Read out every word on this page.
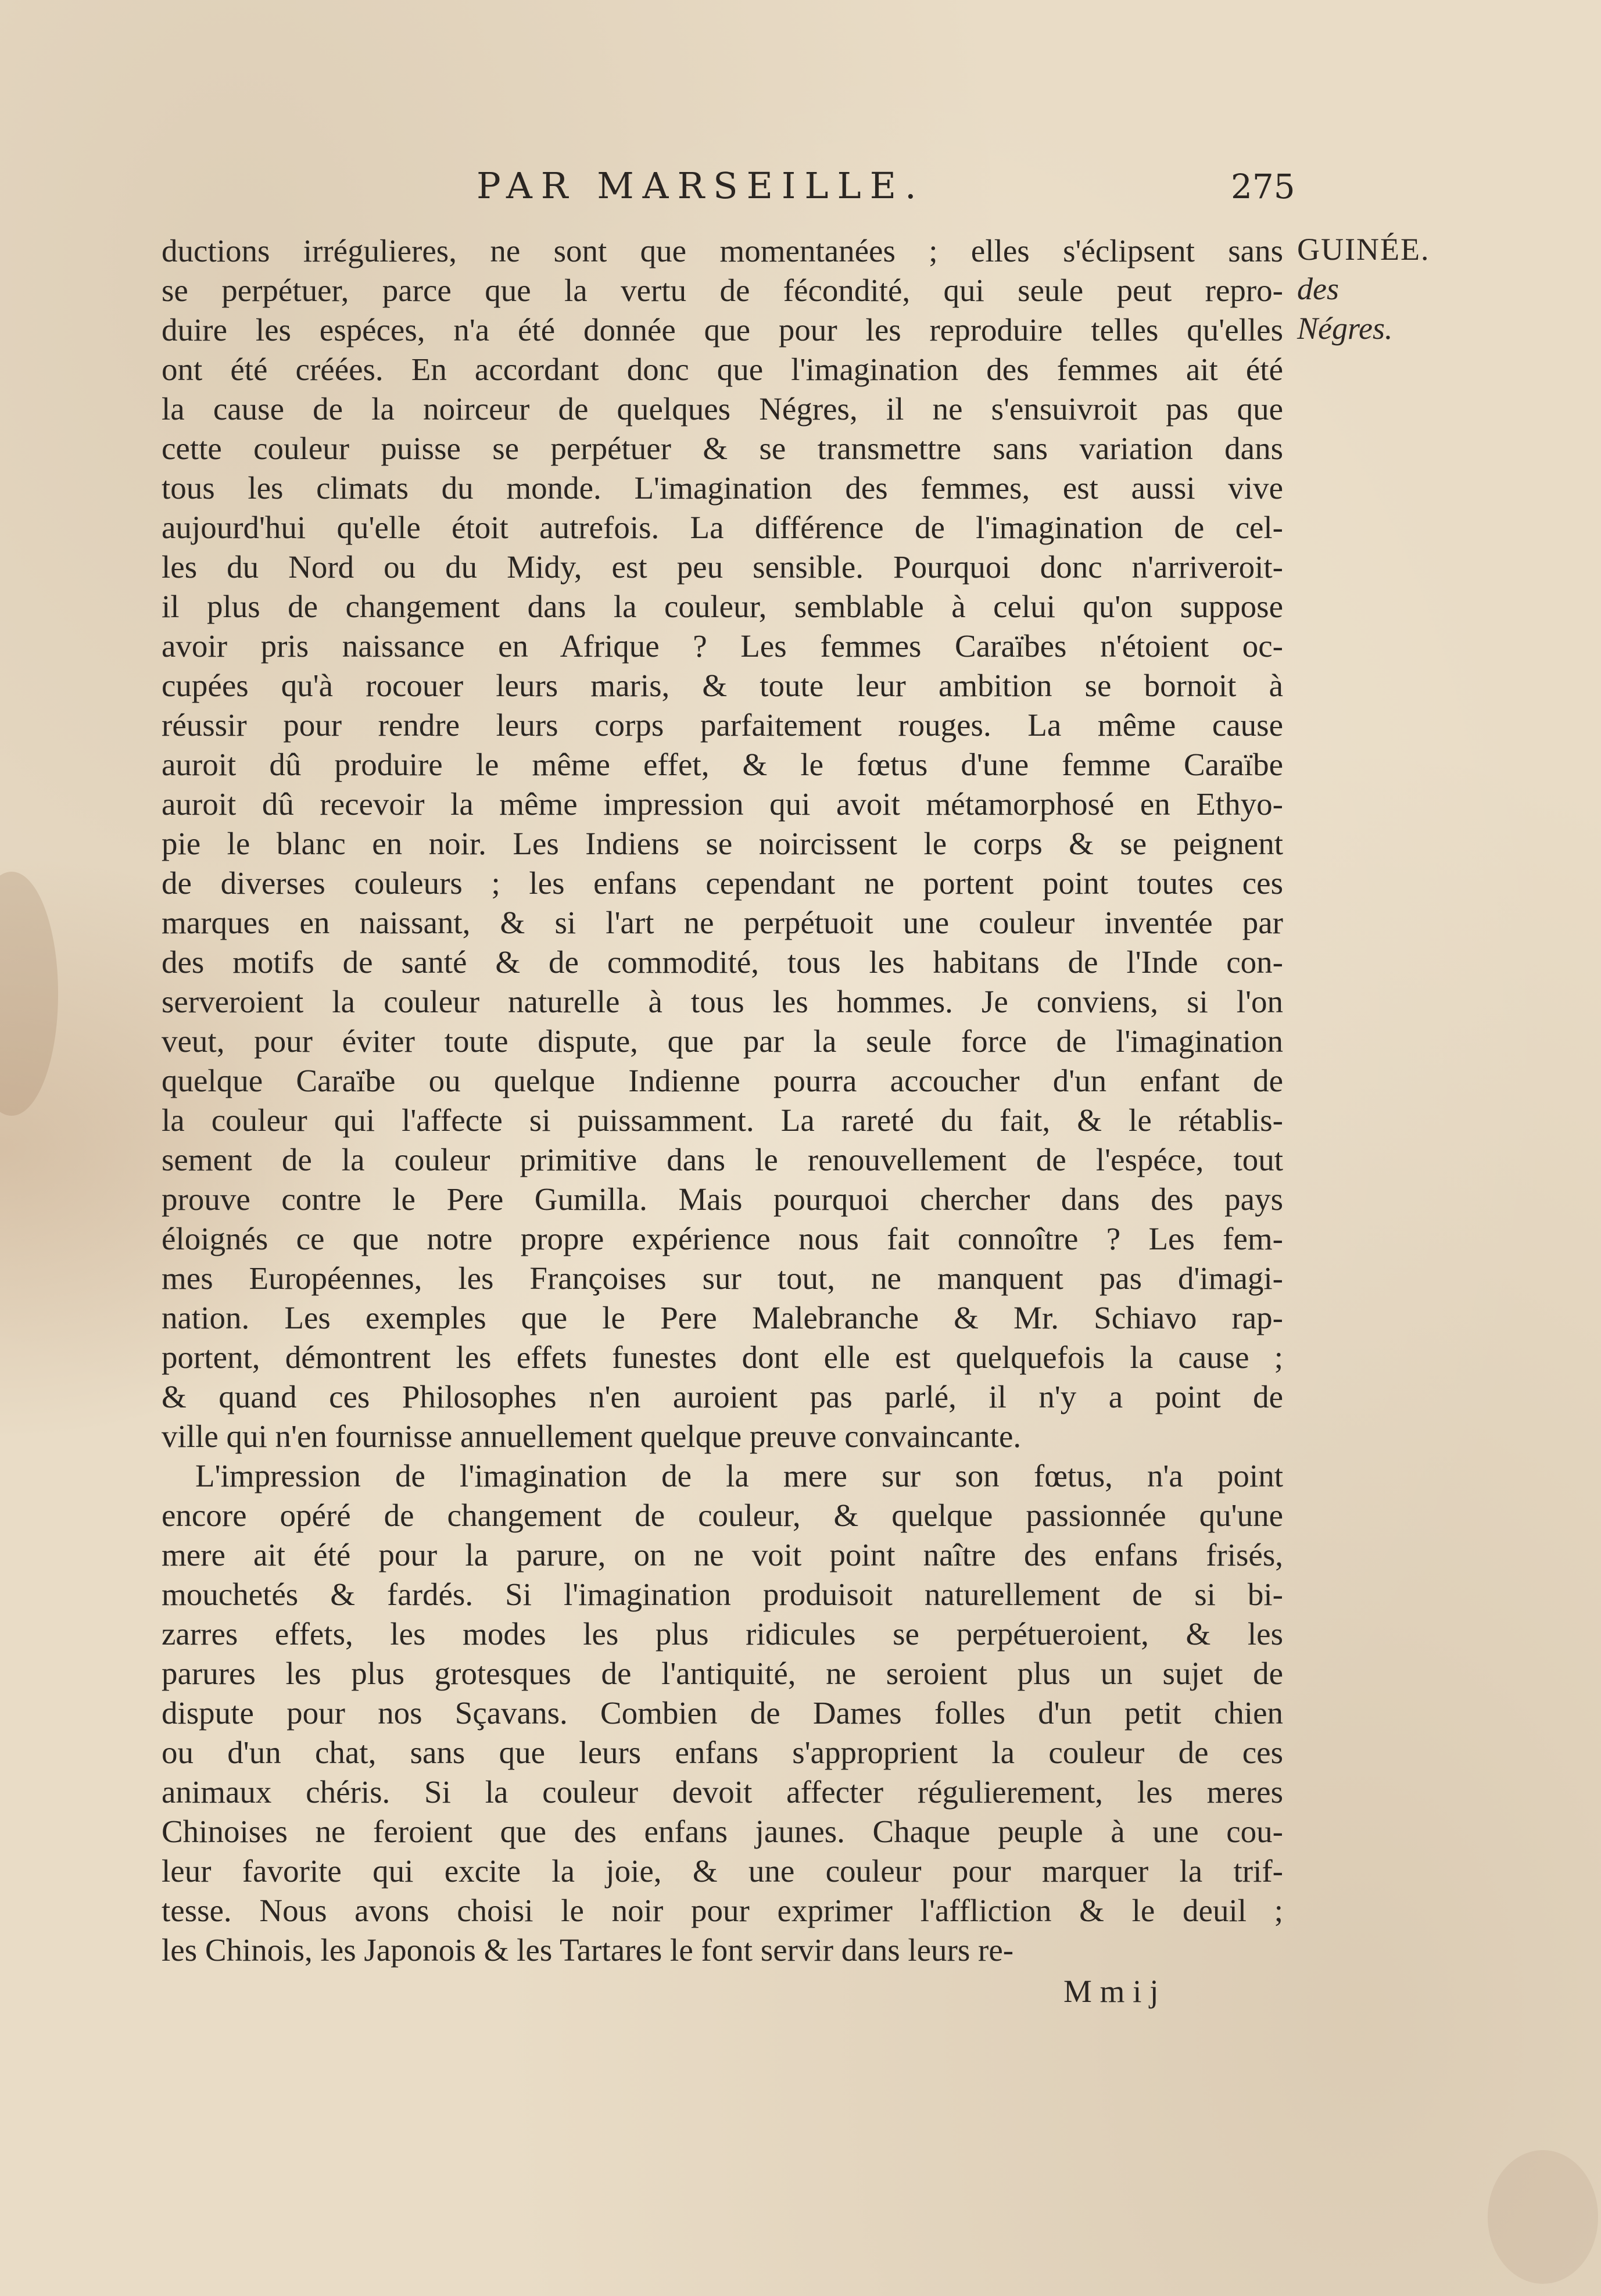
PAR MARSEILLE.	275
GUINÉE.
des Négres.
ductions irrégulieres, ne sont que momentanées ; elles s'éclipsent sans
se perpétuer, parce que la vertu de fécondité, qui seule peut repro-
duire les espéces, n'a été donnée que pour les reproduire telles qu'elles
ont été créées. En accordant donc que l'imagination des femmes ait été
la cause de la noirceur de quelques Négres, il ne s'ensuivroit pas que
cette couleur puisse se perpétuer & se transmettre sans variation dans
tous les climats du monde. L'imagination des femmes, est aussi vive
aujourd'hui qu'elle étoit autrefois. La différence de l'imagination de cel-
les du Nord ou du Midy, est peu sensible. Pourquoi donc n'arriveroit-
il plus de changement dans la couleur, semblable à celui qu'on suppose
avoir pris naissance en Afrique ? Les femmes Caraïbes n'étoient oc-
cupées qu'à rocouer leurs maris, & toute leur ambition se bornoit à
réussir pour rendre leurs corps parfaitement rouges. La même cause
auroit dû produire le même effet, & le fœtus d'une femme Caraïbe
auroit dû recevoir la même impression qui avoit métamorphosé en Ethyo-
pie le blanc en noir. Les Indiens se noircissent le corps & se peignent
de diverses couleurs ; les enfans cependant ne portent point toutes ces
marques en naissant, & si l'art ne perpétuoit une couleur inventée par
des motifs de santé & de commodité, tous les habitans de l'Inde con-
serveroient la couleur naturelle à tous les hommes. Je conviens, si l'on
veut, pour éviter toute dispute, que par la seule force de l'imagination
quelque Caraïbe ou quelque Indienne pourra accoucher d'un enfant de
la couleur qui l'affecte si puissamment. La rareté du fait, & le rétablis-
sement de la couleur primitive dans le renouvellement de l'espéce, tout
prouve contre le Pere Gumilla. Mais pourquoi chercher dans des pays
éloignés ce que notre propre expérience nous fait connoître ? Les fem-
mes Européennes, les Françoises sur tout, ne manquent pas d'imagi-
nation. Les exemples que le Pere Malebranche & Mr. Schiavo rap-
portent, démontrent les effets funestes dont elle est quelquefois la cause ;
& quand ces Philosophes n'en auroient pas parlé, il n'y a point de
ville qui n'en fournisse annuellement quelque preuve convaincante.
L'impression de l'imagination de la mere sur son fœtus, n'a point
encore opéré de changement de couleur, & quelque passionnée qu'une
mere ait été pour la parure, on ne voit point naître des enfans frisés,
mouchetés & fardés. Si l'imagination produisoit naturellement de si bi-
zarres effets, les modes les plus ridicules se perpétueroient, & les
parures les plus grotesques de l'antiquité, ne seroient plus un sujet de
dispute pour nos Sçavans. Combien de Dames folles d'un petit chien
ou d'un chat, sans que leurs enfans s'approprient la couleur de ces
animaux chéris. Si la couleur devoit affecter régulierement, les meres
Chinoises ne feroient que des enfans jaunes. Chaque peuple à une cou-
leur favorite qui excite la joie, & une couleur pour marquer la trif-
tesse. Nous avons choisi le noir pour exprimer l'affliction & le deuil ;
les Chinois, les Japonois & les Tartares le font servir dans leurs re-
M m i j
